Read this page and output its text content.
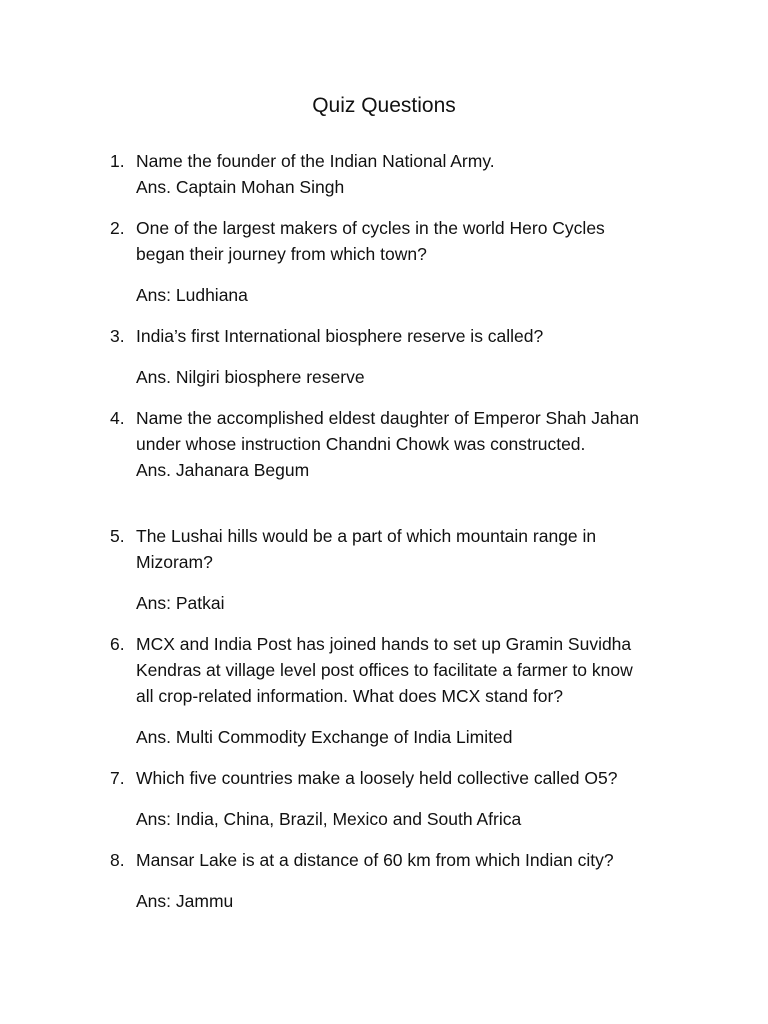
Quiz Questions
1. Name the founder of the Indian National Army.
Ans. Captain Mohan Singh
2. One of the largest makers of cycles in the world Hero Cycles
began their journey from which town?
Ans: Ludhiana
3. India’s first International biosphere reserve is called?
Ans. Nilgiri biosphere reserve
4. Name the accomplished eldest daughter of Emperor Shah Jahan
under whose instruction Chandni Chowk was constructed.
Ans. Jahanara Begum
5. The Lushai hills would be a part of which mountain range in
Mizoram?
Ans: Patkai
6. MCX and India Post has joined hands to set up Gramin Suvidha
Kendras at village level post offices to facilitate a farmer to know
all crop-related information. What does MCX stand for?
Ans. Multi Commodity Exchange of India Limited
7. Which five countries make a loosely held collective called O5?
Ans: India, China, Brazil, Mexico and South Africa
8. Mansar Lake is at a distance of 60 km from which Indian city?
Ans: Jammu
